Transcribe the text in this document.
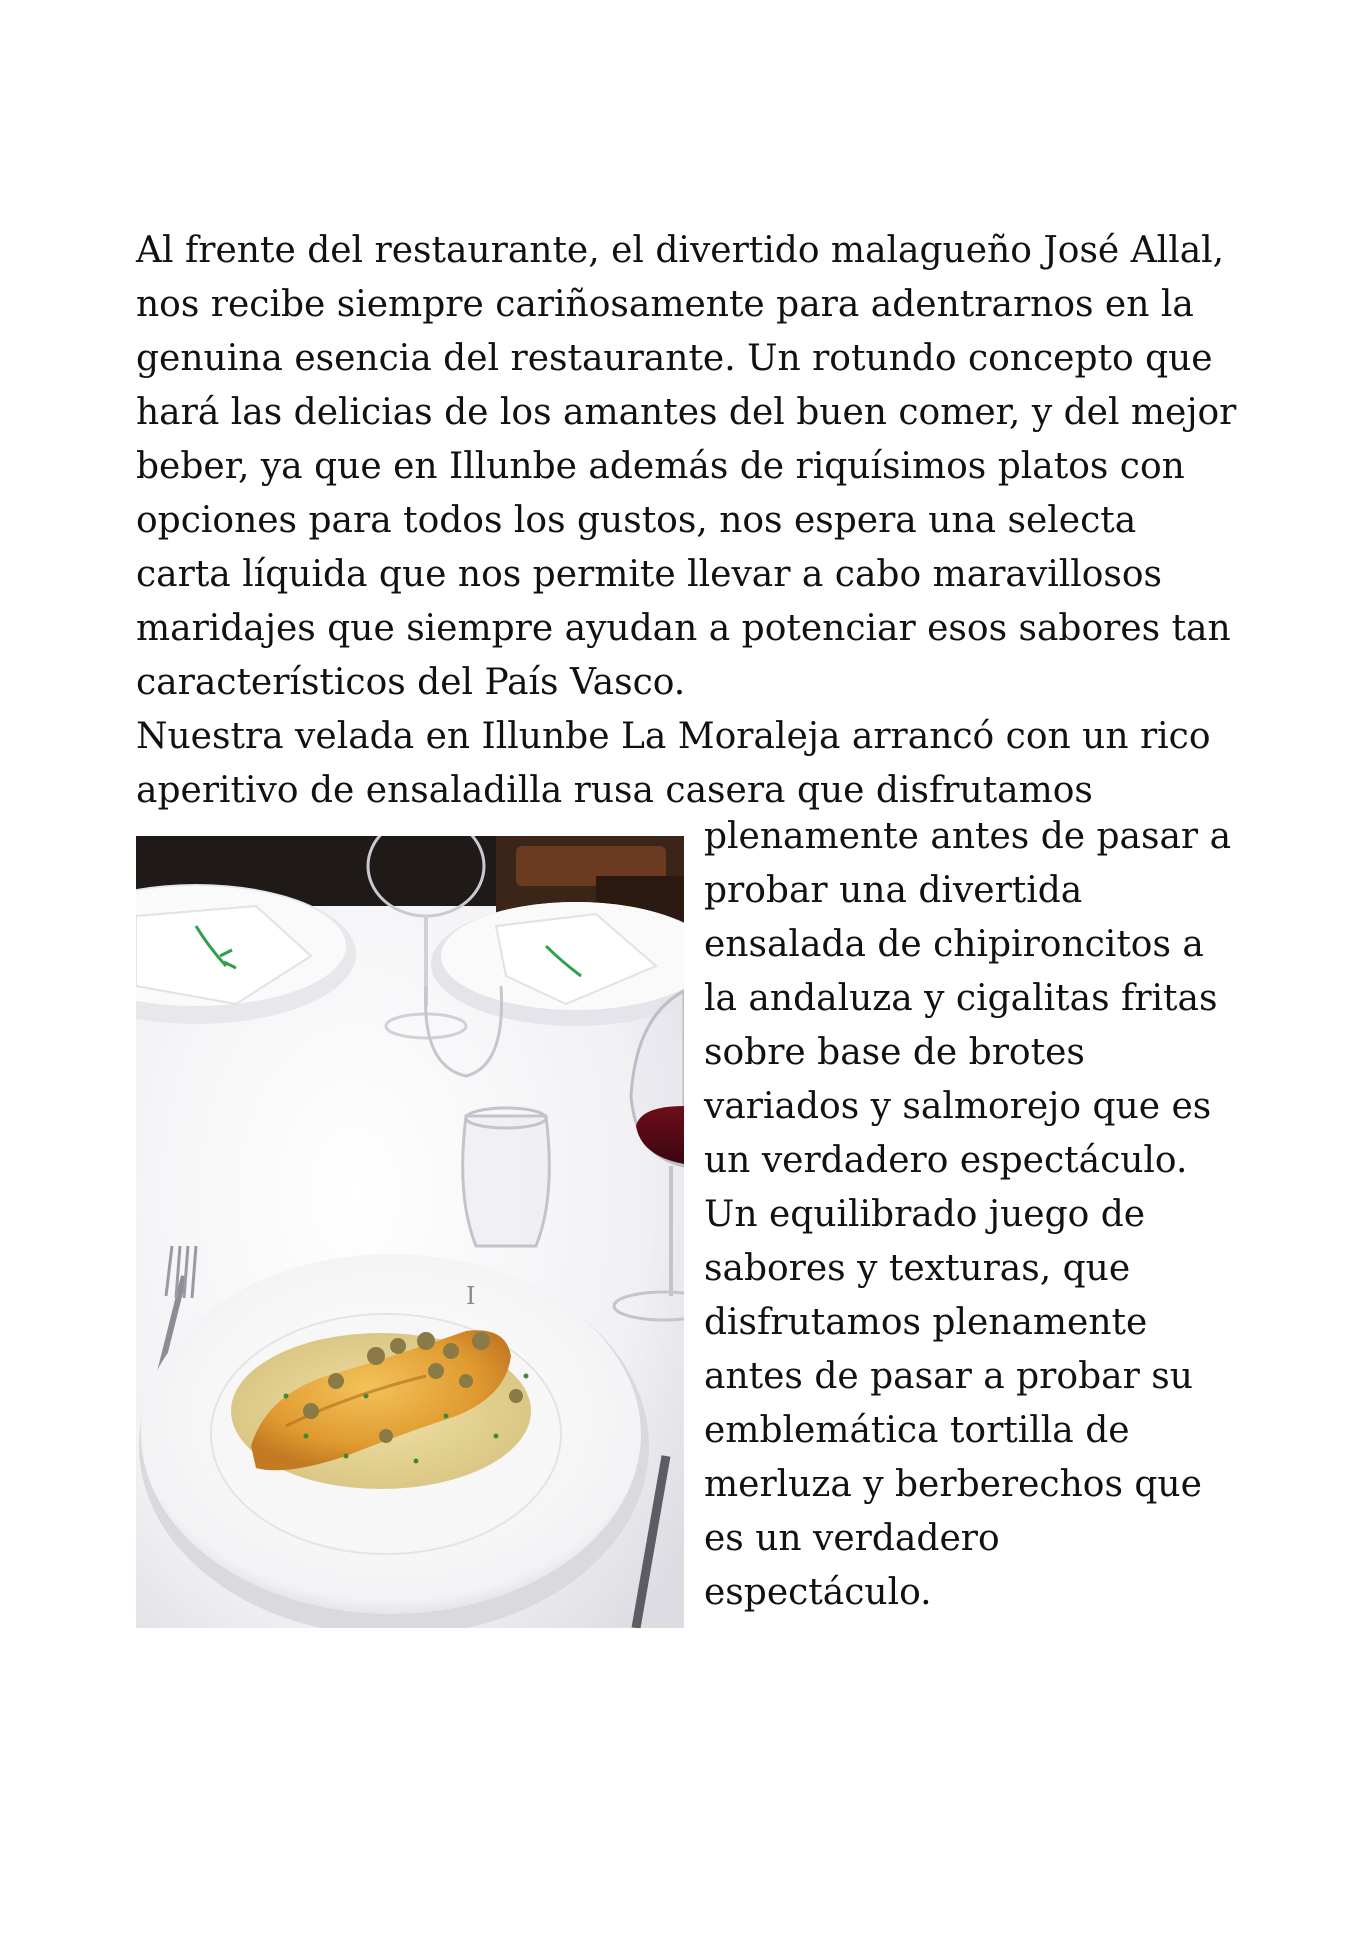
Al frente del restaurante, el divertido malagueño José Allal,

nos recibe siempre cariñosamente para adentrarnos en la

genuina esencia del restaurante. Un rotundo concepto que

hará las delicias de los amantes del buen comer, y del mejor

beber, ya que en Illunbe además de riquísimos platos con

opciones para todos los gustos, nos espera una selecta

carta líquida que nos permite llevar a cabo maravillosos

maridajes que siempre ayudan a potenciar esos sabores tan

característicos del País Vasco.

Nuestra velada en Illunbe La Moraleja arrancó con un rico

aperitivo de ensaladilla rusa casera que disfrutamos

I

plenamente antes de pasar a

probar una divertida

ensalada de chipironcitos a

la andaluza y cigalitas fritas

sobre base de brotes

variados y salmorejo que es

un verdadero espectáculo.

Un equilibrado juego de

sabores y texturas, que

disfrutamos plenamente

antes de pasar a probar su

emblemática tortilla de

merluza y berberechos que

es un verdadero

espectáculo.
